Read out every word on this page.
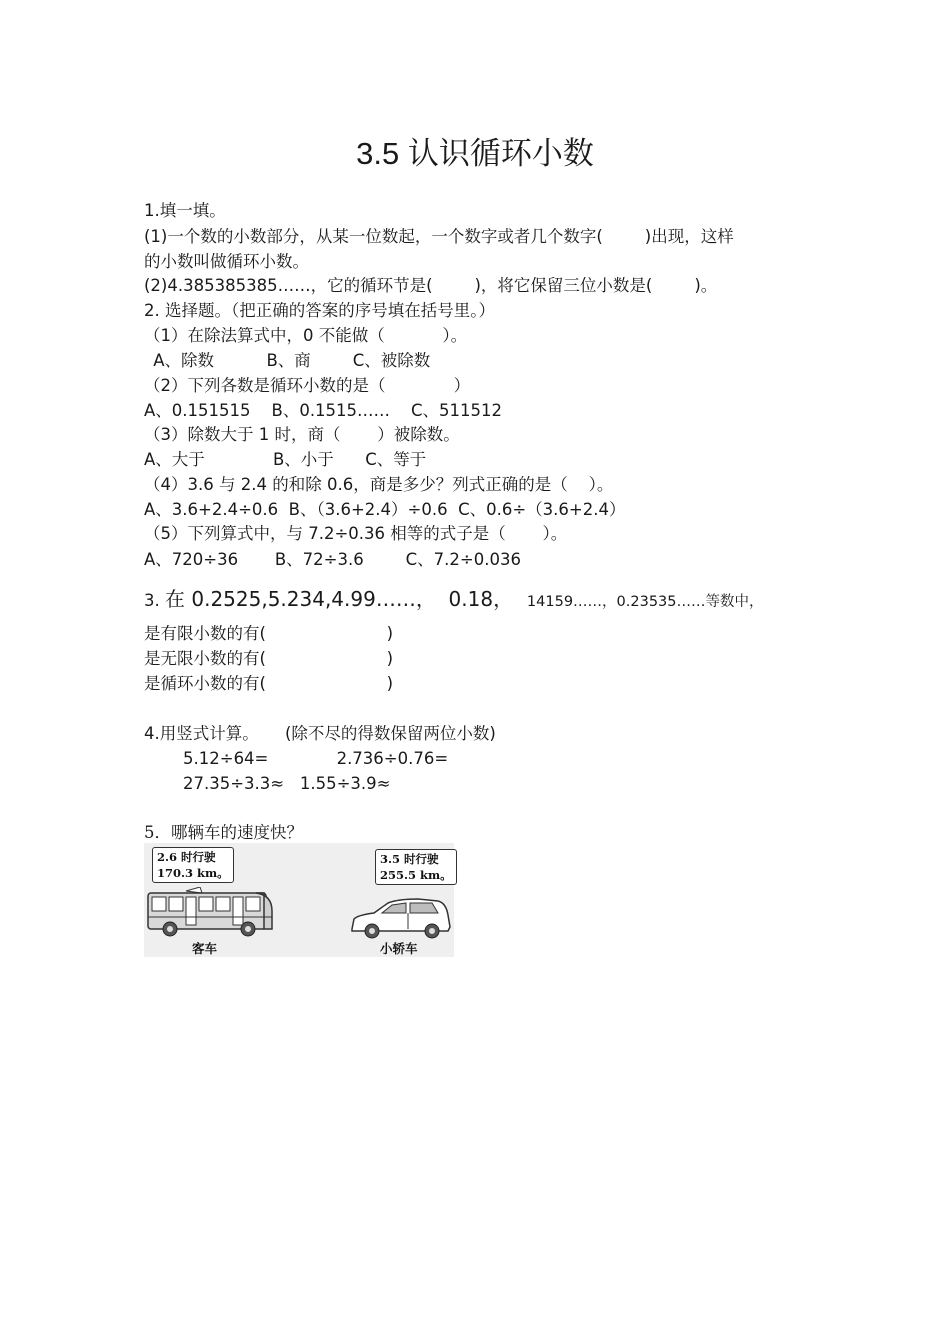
3.5 认识循环小数
1.填一填。
(1)一个数的小数部分，从某一位数起，一个数字或者几个数字(        )出现，这样
的小数叫做循环小数。
(2)4.385385385……，它的循环节是(        )，将它保留三位小数是(        )。
2. 选择题。（把正确的答案的序号填在括号里。）
（1）在除法算式中，0 不能做（           ）。
A、除数          B、商        C、被除数
（2）下列各数是循环小数的是（             ）
A、0.151515    B、0.1515……    C、511512
（3）除数大于 1 时，商（       ）被除数。
A、大于             B、小于      C、等于
（4）3.6 与 2.4 的和除 0.6，商是多少？列式正确的是（    ）。
A、3.6+2.4÷0.6  B、（3.6+2.4）÷0.6  C、0.6÷（3.6+2.4）
（5）下列算式中，与 7.2÷0.36 相等的式子是（       ）。
A、720÷36       B、72÷3.6        C、7.2÷0.036
3. 在 0.2525,5.234,4.99……，  0.18，   14159……，0.23535……等数中，
是有限小数的有(                       )
是无限小数的有(                       )
是循环小数的有(                       )
4.用竖式计算。     (除不尽的得数保留两位小数)
5.12÷64=             2.736÷0.76=
27.35÷3.3≈   1.55÷3.9≈
5．哪辆车的速度快？
2.6 时行驶
170.3 km。
3.5 时行驶
255.5 km。
客车	小轿车
